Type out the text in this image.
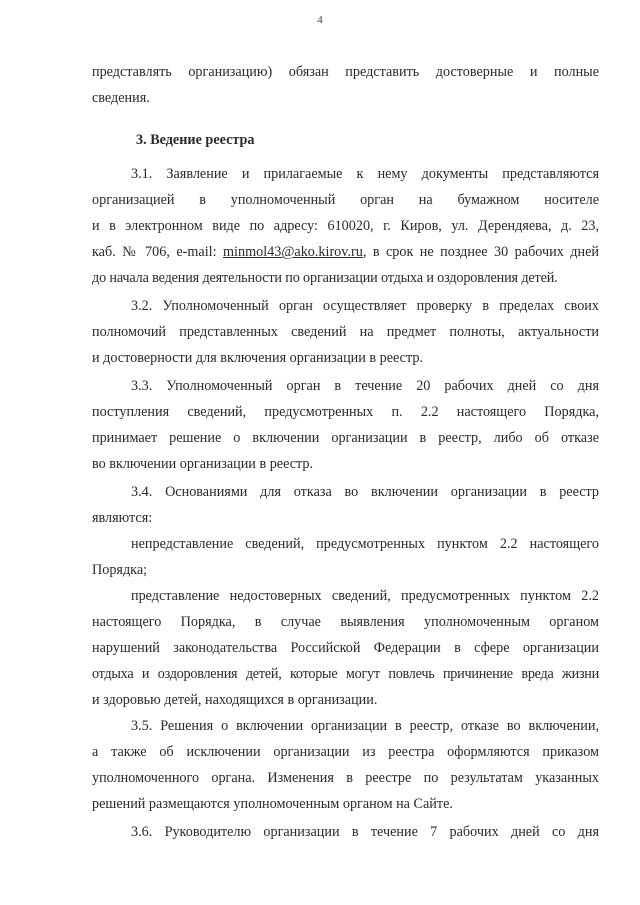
4
представлять организацию) обязан представить достоверные и полные
сведения.
3. Ведение реестра
3.1. Заявление и прилагаемые к нему документы представляются
организацией в уполномоченный орган на бумажном носителе
и в электронном виде по адресу: 610020, г. Киров, ул. Дерендяева, д. 23,
каб. № 706, e-mail: minmol43@ako.kirov.ru, в срок не позднее 30 рабочих дней
до начала ведения деятельности по организации отдыха и оздоровления детей.
3.2. Уполномоченный орган осуществляет проверку в пределах своих
полномочий представленных сведений на предмет полноты, актуальности
и достоверности для включения организации в реестр.
3.3. Уполномоченный орган в течение 20 рабочих дней со дня
поступления сведений, предусмотренных п. 2.2 настоящего Порядка,
принимает решение о включении организации в реестр, либо об отказе
во включении организации в реестр.
3.4. Основаниями для отказа во включении организации в реестр
являются:
непредставление сведений, предусмотренных пунктом 2.2 настоящего
Порядка;
представление недостоверных сведений, предусмотренных пунктом 2.2
настоящего Порядка, в случае выявления уполномоченным органом
нарушений законодательства Российской Федерации в сфере организации
отдыха и оздоровления детей, которые могут повлечь причинение вреда жизни
и здоровью детей, находящихся в организации.
3.5. Решения о включении организации в реестр, отказе во включении,
а также об исключении организации из реестра оформляются приказом
уполномоченного органа. Изменения в реестре по результатам указанных
решений размещаются уполномоченным органом на Сайте.
3.6. Руководителю организации в течение 7 рабочих дней со дня
